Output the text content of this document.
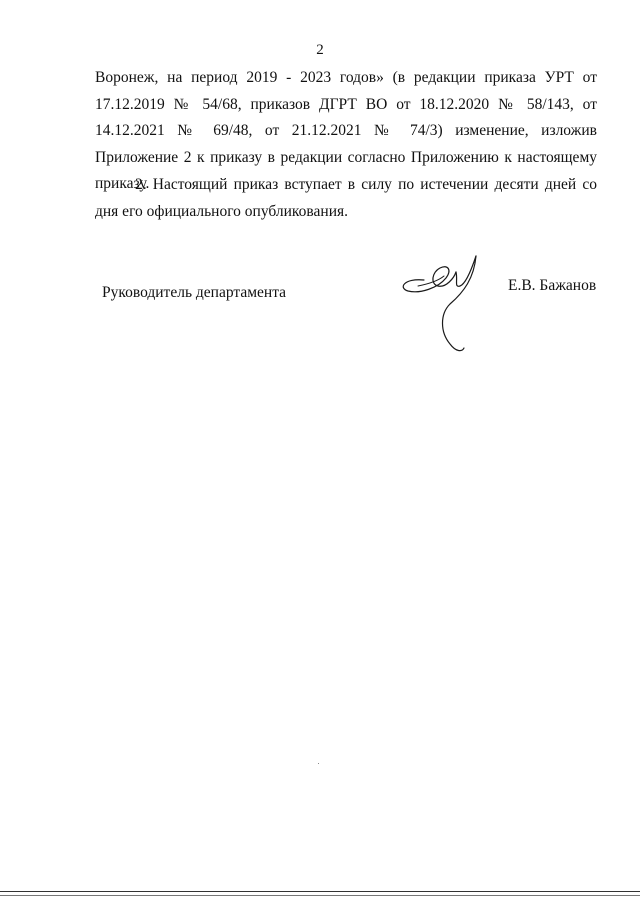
2

Воронеж, на период 2019 - 2023 годов» (в редакции приказа УРТ от 17.12.2019 № 54/68, приказов ДГРТ ВО от 18.12.2020 № 58/143, от 14.12.2021 № 69/48, от 21.12.2021 № 74/3) изменение, изложив Приложение 2 к приказу в редакции согласно Приложению к настоящему приказу.

2. Настоящий приказ вступает в силу по истечении десяти дней со дня его официального опубликования.

Руководитель департамента	Е.В. Бажанов
